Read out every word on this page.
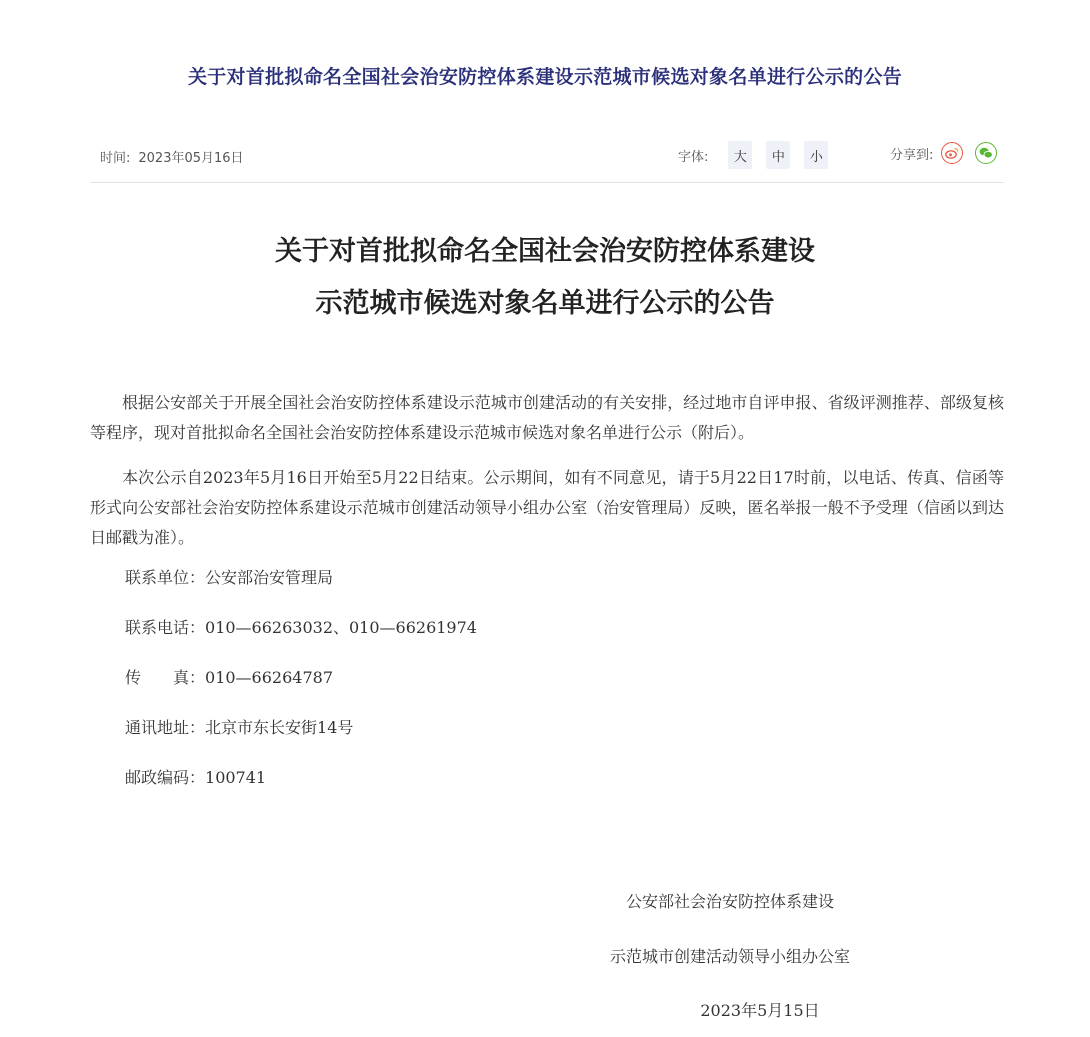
关于对首批拟命名全国社会治安防控体系建设示范城市候选对象名单进行公示的公告
时间: 2023年05月16日	字体:	大	中	小	分享到:
关于对首批拟命名全国社会治安防控体系建设
示范城市候选对象名单进行公示的公告

根据公安部关于开展全国社会治安防控体系建设示范城市创建活动的有关安排，经过地市自评申报、省级评测推荐、部级复核等程序，现对首批拟命名全国社会治安防控体系建设示范城市候选对象名单进行公示（附后）。

本次公示自2023年5月16日开始至5月22日结束。公示期间，如有不同意见，请于5月22日17时前，以电话、传真、信函等形式向公安部社会治安防控体系建设示范城市创建活动领导小组办公室（治安管理局）反映，匿名举报一般不予受理（信函以到达日邮戳为准）。

联系单位：公安部治安管理局
联系电话：010—66263032、010—66261974
传　　真：010—66264787
通讯地址：北京市东长安街14号
邮政编码：100741
公安部社会治安防控体系建设
示范城市创建活动领导小组办公室
2023年5月15日
